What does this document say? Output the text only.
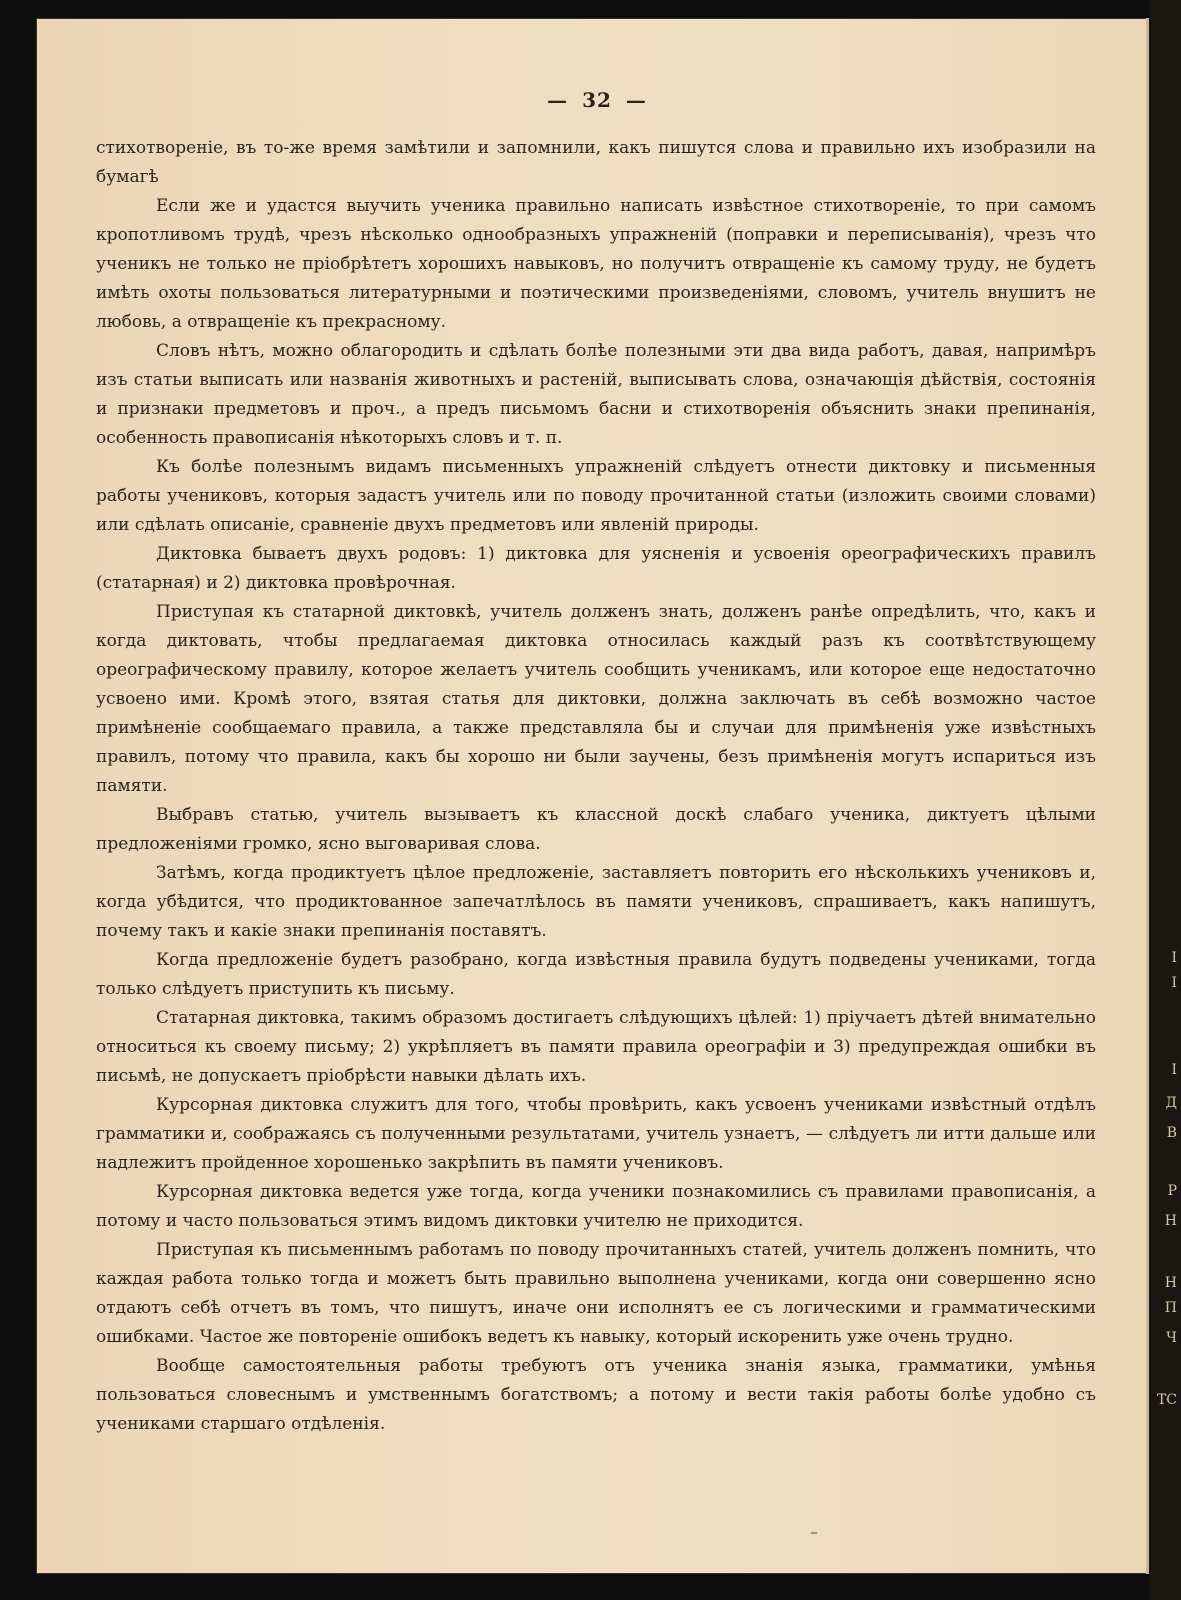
— 32 —

стихотвореніе, въ то-же время замѣтили и запомнили, какъ пишутся слова и правильно ихъ изобразили на бумагѣ

Если же и удастся выучить ученика правильно написать извѣстное стихотвореніе, то при самомъ кропотливомъ трудѣ, чрезъ нѣсколько однообразныхъ упражненій (поправки и переписыванія), чрезъ что ученикъ не только не пріобрѣтетъ хорошихъ навыковъ, но получитъ отвращеніе къ самому труду, не будетъ имѣть охоты пользоваться литературными и поэтическими произведеніями, словомъ, учитель внушитъ не любовь, а отвращеніе къ прекрасному.

Словъ нѣтъ, можно облагородить и сдѣлать болѣе полезными эти два вида работъ, давая, напримѣръ изъ статьи выписать или названія животныхъ и растеній, выписывать слова, означающія дѣйствія, состоянія и признаки предметовъ и проч., а предъ письмомъ басни и стихотворенія объяснить знаки препинанія, особенность правописанія нѣкоторыхъ словъ и т. п.

Къ болѣе полезнымъ видамъ письменныхъ упражненій слѣдуетъ отнести диктовку и письменныя работы учениковъ, которыя задастъ учитель или по поводу прочитанной статьи (изложить своими словами) или сдѣлать описаніе, сравненіе двухъ предметовъ или явленій природы.

Диктовка бываетъ двухъ родовъ: 1) диктовка для уясненія и усвоенія ореографическихъ правилъ (статарная) и 2) диктовка провѣрочная.

Приступая къ статарной диктовкѣ, учитель долженъ знать, долженъ ранѣе опредѣлить, что, какъ и когда диктовать, чтобы предлагаемая диктовка относилась каждый разъ къ соотвѣтствующему ореографическому правилу, которое желаетъ учитель сообщить ученикамъ, или которое еще недостаточно усвоено ими. Кромѣ этого, взятая статья для диктовки, должна заключать въ себѣ возможно частое примѣненіе сообщаемаго правила, а также представляла бы и случаи для примѣненія уже извѣстныхъ правилъ, потому что правила, какъ бы хорошо ни были заучены, безъ примѣненія могутъ испариться изъ памяти.

Выбравъ статью, учитель вызываетъ къ классной доскѣ слабаго ученика, диктуетъ цѣлыми предложеніями громко, ясно выговаривая слова.

Затѣмъ, когда продиктуетъ цѣлое предложеніе, заставляетъ повторить его нѣсколькихъ учениковъ и, когда убѣдится, что продиктованное запечатлѣлось въ памяти учениковъ, спрашиваетъ, какъ напишутъ, почему такъ и какіе знаки препинанія поставятъ.

Когда предложеніе будетъ разобрано, когда извѣстныя правила будутъ подведены учениками, тогда только слѣдуетъ приступить къ письму.

Статарная диктовка, такимъ образомъ достигаетъ слѣдующихъ цѣлей: 1) пріучаетъ дѣтей внимательно относиться къ своему письму; 2) укрѣпляетъ въ памяти правила ореографіи и 3) предупреждая ошибки въ письмѣ, не допускаетъ пріобрѣсти навыки дѣлать ихъ.

Курсорная диктовка служитъ для того, чтобы провѣрить, какъ усвоенъ учениками извѣстный отдѣлъ грамматики и, соображаясь съ полученными результатами, учитель узнаетъ, — слѣдуетъ ли итти дальше или надлежитъ пройденное хорошенько закрѣпить въ памяти учениковъ.

Курсорная диктовка ведется уже тогда, когда ученики познакомились съ правилами правописанія, а потому и часто пользоваться этимъ видомъ диктовки учителю не приходится.

Приступая къ письменнымъ работамъ по поводу прочитанныхъ статей, учитель долженъ помнить, что каждая работа только тогда и можетъ быть правильно выполнена учениками, когда они совершенно ясно отдаютъ себѣ отчетъ въ томъ, что пишутъ, иначе они исполнятъ ее съ логическими и грамматическими ошибками. Частое же повтореніе ошибокъ ведетъ къ навыку, который искоренить уже очень трудно.

Вообще самостоятельныя работы требуютъ отъ ученика знанія языка, грамматики, умѣнья пользоваться словеснымъ и умственнымъ богатствомъ; а потому и вести такія работы болѣе удобно съ учениками старшаго отдѣленія.

I
I
I
Д
В
Р
Н
Н
П
Ч
ТС
